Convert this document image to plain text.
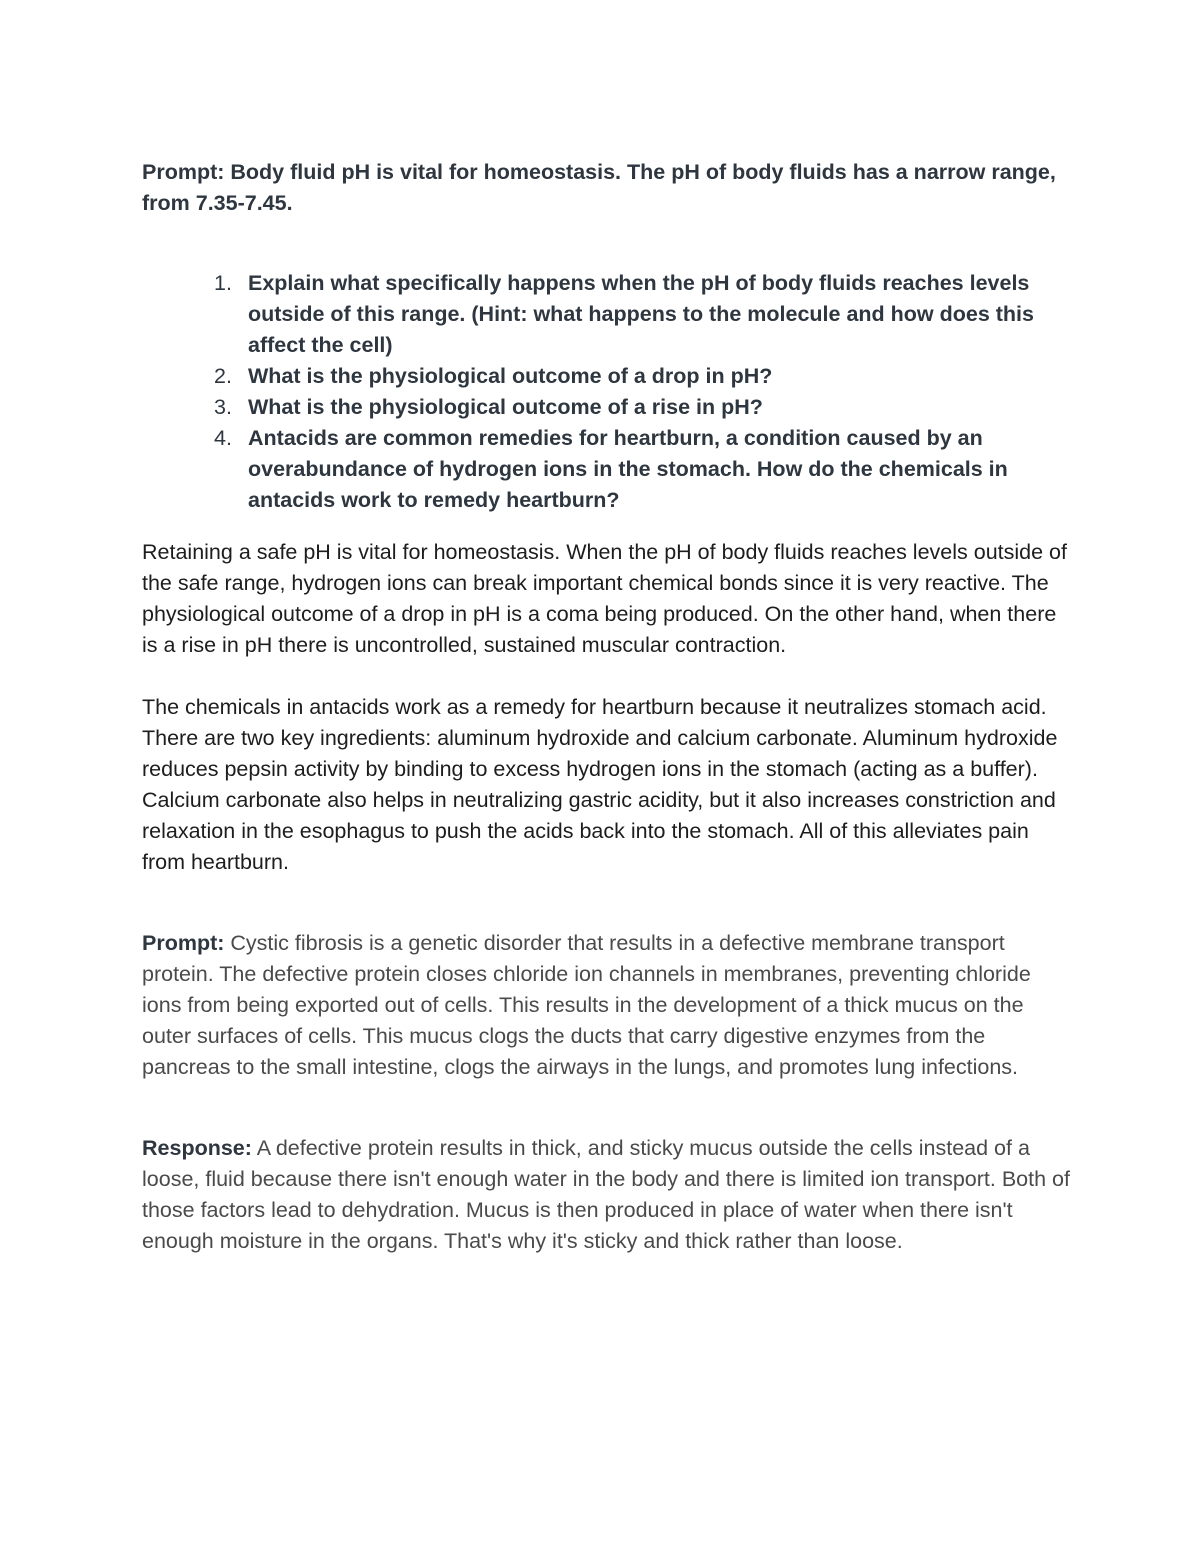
Prompt: Body fluid pH is vital for homeostasis. The pH of body fluids has a narrow range, from 7.35-7.45.

1. Explain what specifically happens when the pH of body fluids reaches levels outside of this range. (Hint: what happens to the molecule and how does this affect the cell)
2. What is the physiological outcome of a drop in pH?
3. What is the physiological outcome of a rise in pH?
4. Antacids are common remedies for heartburn, a condition caused by an overabundance of hydrogen ions in the stomach. How do the chemicals in antacids work to remedy heartburn?

Retaining a safe pH is vital for homeostasis. When the pH of body fluids reaches levels outside of the safe range, hydrogen ions can break important chemical bonds since it is very reactive. The physiological outcome of a drop in pH is a coma being produced. On the other hand, when there is a rise in pH there is uncontrolled, sustained muscular contraction.

The chemicals in antacids work as a remedy for heartburn because it neutralizes stomach acid. There are two key ingredients: aluminum hydroxide and calcium carbonate. Aluminum hydroxide reduces pepsin activity by binding to excess hydrogen ions in the stomach (acting as a buffer). Calcium carbonate also helps in neutralizing gastric acidity, but it also increases constriction and relaxation in the esophagus to push the acids back into the stomach. All of this alleviates pain from heartburn.

Prompt: Cystic fibrosis is a genetic disorder that results in a defective membrane transport protein. The defective protein closes chloride ion channels in membranes, preventing chloride ions from being exported out of cells. This results in the development of a thick mucus on the outer surfaces of cells. This mucus clogs the ducts that carry digestive enzymes from the pancreas to the small intestine, clogs the airways in the lungs, and promotes lung infections.

Response: A defective protein results in thick, and sticky mucus outside the cells instead of a loose, fluid because there isn't enough water in the body and there is limited ion transport. Both of those factors lead to dehydration. Mucus is then produced in place of water when there isn't enough moisture in the organs. That's why it's sticky and thick rather than loose.
